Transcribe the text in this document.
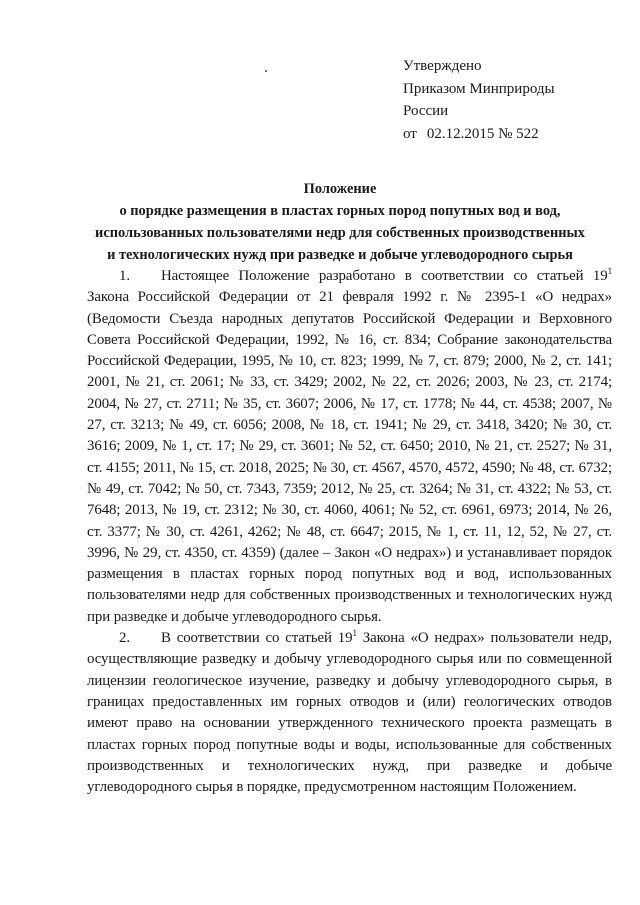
Утверждено
Приказом Минприроды
России
от 02.12.2015 № 522
Положение
о порядке размещения в пластах горных пород попутных вод и вод,
использованных пользователями недр для собственных производственных
и технологических нужд при разведке и добыче углеводородного сырья

1. Настоящее Положение разработано в соответствии со статьей $19^1$ Закона Российской Федерации от 21 февраля 1992 г. № 2395-1 «О недрах» (Ведомости Съезда народных депутатов Российской Федерации и Верховного Совета Российской Федерации, 1992, № 16, ст. 834; Собрание законодательства Российской Федерации, 1995, № 10, ст. 823; 1999, № 7, ст. 879; 2000, № 2, ст. 141; 2001, № 21, ст. 2061; № 33, ст. 3429; 2002, № 22, ст. 2026; 2003, № 23, ст. 2174; 2004, № 27, ст. 2711; № 35, ст. 3607; 2006, № 17, ст. 1778; № 44, ст. 4538; 2007, № 27, ст. 3213; № 49, ст. 6056; 2008, № 18, ст. 1941; № 29, ст. 3418, 3420; № 30, ст. 3616; 2009, № 1, ст. 17; № 29, ст. 3601; № 52, ст. 6450; 2010, № 21, ст. 2527; № 31, ст. 4155; 2011, № 15, ст. 2018, 2025; № 30, ст. 4567, 4570, 4572, 4590; № 48, ст. 6732; № 49, ст. 7042; № 50, ст. 7343, 7359; 2012, № 25, ст. 3264; № 31, ст. 4322; № 53, ст. 7648; 2013, № 19, ст. 2312; № 30, ст. 4060, 4061; № 52, ст. 6961, 6973; 2014, № 26, ст. 3377; № 30, ст. 4261, 4262; № 48, ст. 6647; 2015, № 1, ст. 11, 12, 52, № 27, ст. 3996, № 29, ст. 4350, ст. 4359) (далее – Закон «О недрах») и устанавливает порядок размещения в пластах горных пород попутных вод и вод, использованных пользователями недр для собственных производственных и технологических нужд при разведке и добыче углеводородного сырья.

2. В соответствии со статьей $19^1$ Закона «О недрах» пользователи недр, осуществляющие разведку и добычу углеводородного сырья или по совмещенной лицензии геологическое изучение, разведку и добычу углеводородного сырья, в границах предоставленных им горных отводов и (или) геологических отводов имеют право на основании утвержденного технического проекта размещать в пластах горных пород попутные воды и воды, использованные для собственных производственных и технологических нужд, при разведке и добыче углеводородного сырья в порядке, предусмотренном настоящим Положением.
